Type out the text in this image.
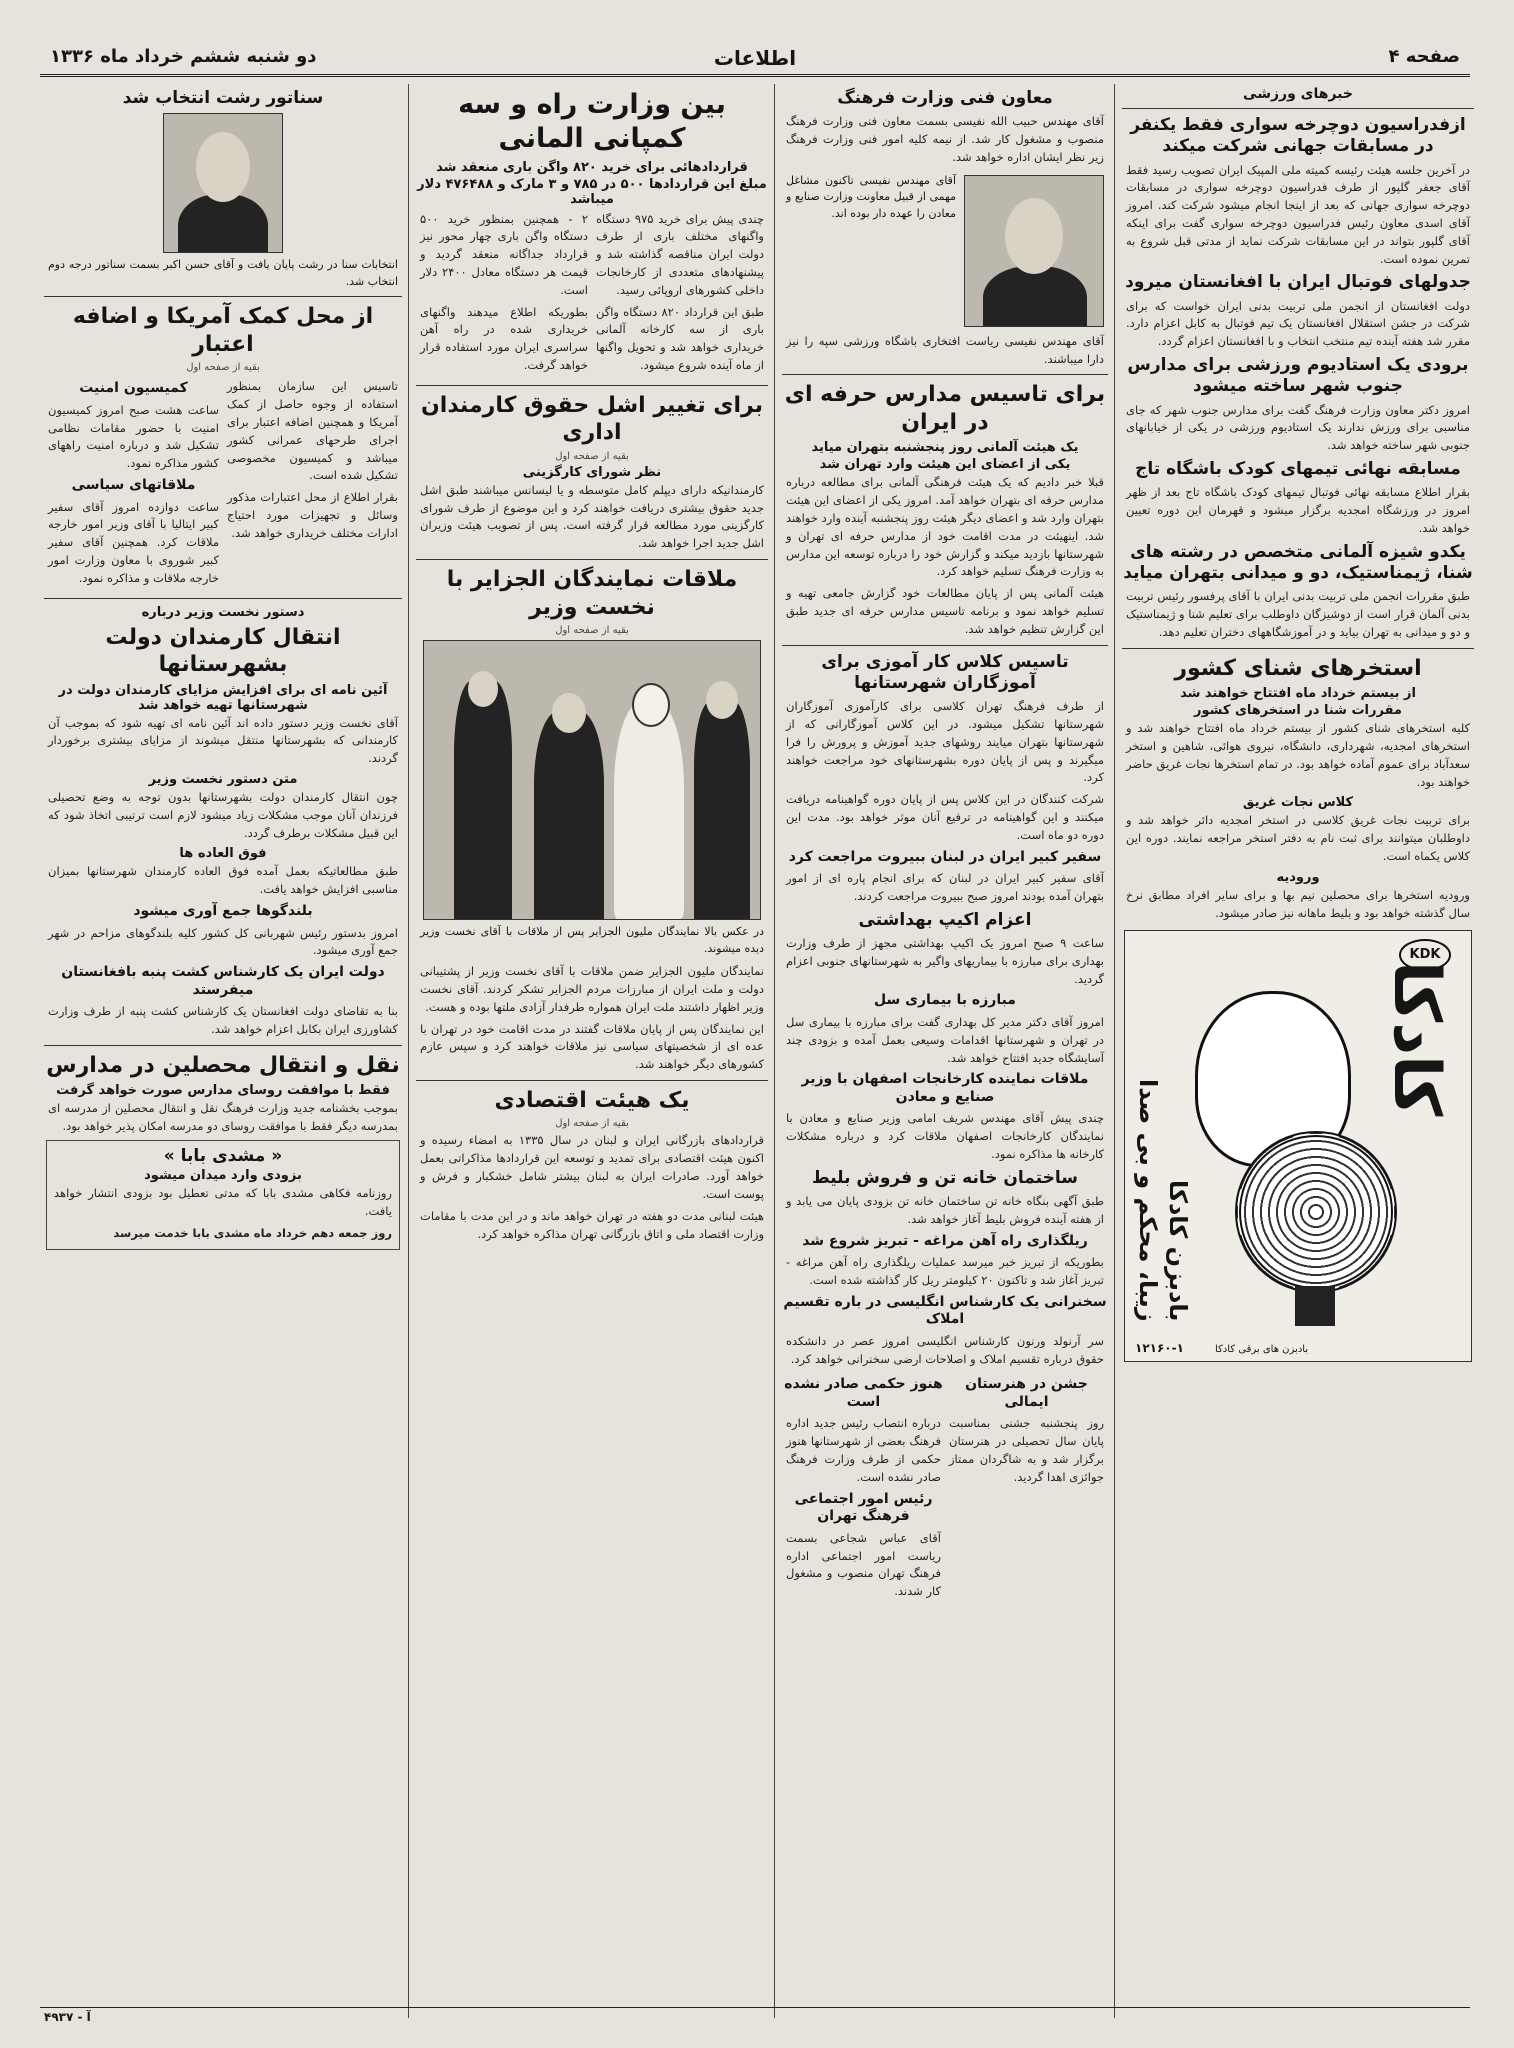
صفحه ۴
اطلاعات
دو شنبه ششم خرداد ماه ۱۳۳۶
خبرهای ورزشی
ازفدراسیون دوچرخه سواری فقط یکنفر در مسابقات جهانی شرکت میکند
در آخرین جلسه هیئت رئیسه کمیته ملی المپیک ایران تصویب رسید فقط آقای جعفر گلپور از طرف فدراسیون دوچرخه سواری در مسابقات دوچرخه سواری جهانی که بعد از اینجا انجام میشود شرکت کند. امروز آقای اسدی معاون رئیس فدراسیون دوچرخه سواری گفت برای اینکه آقای گلپور بتواند در این مسابقات شرکت نماید از مدتی قبل شروع به تمرین نموده است.
جدولهای فوتبال ایران با افغانستان میرود
دولت افغانستان از انجمن ملی تربیت بدنی ایران خواست که برای شرکت در جشن استقلال افغانستان یک تیم فوتبال به کابل اعزام دارد. مقرر شد هفته آینده تیم منتخب انتخاب و با افغانستان اعزام گردد.
برودی یک استادیوم ورزشی برای مدارس جنوب شهر ساخته میشود
امروز دکتر معاون وزارت فرهنگ گفت برای مدارس جنوب شهر که جای مناسبی برای ورزش ندارند یک استادیوم ورزشی در یکی از خیابانهای جنوبی شهر ساخته خواهد شد.
مسابقه نهائی تیمهای کودک باشگاه تاج
بقرار اطلاع مسابقه نهائی فوتبال تیمهای کودک باشگاه تاج بعد از ظهر امروز در ورزشگاه امجدیه برگزار میشود و قهرمان این دوره تعیین خواهد شد.
یکدو شیزه آلمانی متخصص در رشته های شنا، ژیمناستیک، دو و میدانی بتهران میاید
طبق مقررات انجمن ملی تربیت بدنی ایران با آقای پرفسور رئیس تربیت بدنی آلمان قرار است از دوشیزگان داوطلب برای تعلیم شنا و ژیمناستیک و دو و میدانی به تهران بیاید و در آموزشگاههای دختران تعلیم دهد.
استخرهای شنای کشور
از بیستم خرداد ماه افتتاح خواهند شد
مقررات شنا در استخرهای کشور
کلیه استخرهای شنای کشور از بیستم خرداد ماه افتتاح خواهند شد و استخرهای امجدیه، شهرداری، دانشگاه، نیروی هوائی، شاهین و استخر سعدآباد برای عموم آماده خواهد بود. در تمام استخرها نجات غریق حاضر خواهند بود.
کلاس نجات غریق
برای تربیت نجات غریق کلاسی در استخر امجدیه دائر خواهد شد و داوطلبان میتوانند برای ثبت نام به دفتر استخر مراجعه نمایند. دوره این کلاس یکماه است.
ورودیه
ورودیه استخرها برای محصلین نیم بها و برای سایر افراد مطابق نرخ سال گذشته خواهد بود و بلیط ماهانه نیز صادر میشود.
KDK
کادکا
بادبزن کادکا
زیبا، محکم و بی صدا
بادبزن های برقی کادکا
۱۲۱۶۰-۱
معاون فنی وزارت فرهنگ
آقای مهندس حبیب الله نفیسی بسمت معاون فنی وزارت فرهنگ منصوب و مشغول کار شد. از نیمه کلیه امور فنی وزارت فرهنگ زیر نظر ایشان اداره خواهد شد.
آقای مهندس نفیسی تاکنون مشاغل مهمی از قبیل معاونت وزارت صنایع و معادن را عهده دار بوده اند.
آقای مهندس نفیسی ریاست افتخاری باشگاه ورزشی سپه را نیز دارا میباشند.
برای تاسیس مدارس حرفه ای در ایران
یک هیئت آلمانی روز پنجشنبه بتهران میاید
یکی از اعضای این هیئت وارد تهران شد
قبلا خبر دادیم که یک هیئت فرهنگی آلمانی برای مطالعه درباره مدارس حرفه ای بتهران خواهد آمد. امروز یکی از اعضای این هیئت بتهران وارد شد و اعضای دیگر هیئت روز پنجشنبه آینده وارد خواهند شد. اینهیئت در مدت اقامت خود از مدارس حرفه ای تهران و شهرستانها بازدید میکند و گزارش خود را درباره توسعه این مدارس به وزارت فرهنگ تسلیم خواهد کرد.
هیئت آلمانی پس از پایان مطالعات خود گزارش جامعی تهیه و تسلیم خواهد نمود و برنامه تاسیس مدارس حرفه ای جدید طبق این گزارش تنظیم خواهد شد.
تاسیس کلاس کار آموزی برای آموزگاران شهرستانها
از طرف فرهنگ تهران کلاسی برای کارآموزی آموزگاران شهرستانها تشکیل میشود. در این کلاس آموزگارانی که از شهرستانها بتهران میایند روشهای جدید آموزش و پرورش را فرا میگیرند و پس از پایان دوره بشهرستانهای خود مراجعت خواهند کرد.
شرکت کنندگان در این کلاس پس از پایان دوره گواهینامه دریافت میکنند و این گواهینامه در ترفیع آنان موثر خواهد بود. مدت این دوره دو ماه است.
سفیر کبیر ایران در لبنان ببیروت مراجعت کرد
آقای سفیر کبیر ایران در لبنان که برای انجام پاره ای از امور بتهران آمده بودند امروز صبح ببیروت مراجعت کردند.
اعزام اکیپ بهداشتی
ساعت ۹ صبح امروز یک اکیپ بهداشتی مجهز از طرف وزارت بهداری برای مبارزه با بیماریهای واگیر به شهرستانهای جنوبی اعزام گردید.
مبارزه با بیماری سل
امروز آقای دکتر مدیر کل بهداری گفت برای مبارزه با بیماری سل در تهران و شهرستانها اقدامات وسیعی بعمل آمده و بزودی چند آسایشگاه جدید افتتاح خواهد شد.
ملاقات نماینده کارخانجات اصفهان با وزیر صنایع و معادن
چندی پیش آقای مهندس شریف امامی وزیر صنایع و معادن با نمایندگان کارخانجات اصفهان ملاقات کرد و درباره مشکلات کارخانه ها مذاکره نمود.
ساختمان خانه تن و فروش بلیط
طبق آگهی بنگاه خانه تن ساختمان خانه تن بزودی پایان می یابد و از هفته آینده فروش بلیط آغاز خواهد شد.
ریلگذاری راه آهن مراغه - تبریز شروع شد
بطوریکه از تبریز خبر میرسد عملیات ریلگذاری راه آهن مراغه - تبریز آغاز شد و تاکنون ۲۰ کیلومتر ریل کار گذاشته شده است.
سخنرانی یک کارشناس انگلیسی در باره تقسیم املاک
سر آرنولد ورنون کارشناس انگلیسی امروز عصر در دانشکده حقوق درباره تقسیم املاک و اصلاحات ارضی سخنرانی خواهد کرد.
جشن در هنرستان ایمالی
روز پنجشنبه جشنی بمناسبت پایان سال تحصیلی در هنرستان برگزار شد و به شاگردان ممتاز جوائزی اهدا گردید.
هنوز حکمی صادر نشده است
درباره انتصاب رئیس جدید اداره فرهنگ بعضی از شهرستانها هنوز حکمی از طرف وزارت فرهنگ صادر نشده است.
رئیس امور اجتماعی فرهنگ تهران
آقای عباس شجاعی بسمت ریاست امور اجتماعی اداره فرهنگ تهران منصوب و مشغول کار شدند.
بین وزارت راه و سه کمپانی المانی
قراردادهائی برای خرید ۸۲۰ واگن باری منعقد شد
مبلغ این قراردادها ۵۰۰ در ۷۸۵ و ۳ مارک و ۴۷۶۴۸۸ دلار میباشد
چندی پیش برای خرید ۹۷۵ دستگاه واگنهای مختلف باری از طرف دولت ایران مناقصه گذاشته شد و پیشنهادهای متعددی از کارخانجات داخلی کشورهای اروپائی رسید.
طبق این قرارداد ۸۲۰ دستگاه واگن باری از سه کارخانه آلمانی خریداری خواهد شد و تحویل واگنها از ماه آینده شروع میشود.
۲ - همچنین بمنظور خرید ۵۰۰ دستگاه واگن باری چهار محور نیز قرارداد جداگانه منعقد گردید و قیمت هر دستگاه معادل ۲۴۰۰ دلار است.
بطوریکه اطلاع میدهند واگنهای خریداری شده در راه آهن سراسری ایران مورد استفاده قرار خواهد گرفت.
برای تغییر اشل حقوق کارمندان اداری
بقیه از صفحه اول
نظر شورای کارگزینی
کارمندانیکه دارای دیپلم کامل متوسطه و یا لیسانس میباشند طبق اشل جدید حقوق بیشتری دریافت خواهند کرد و این موضوع از طرف شورای کارگزینی مورد مطالعه قرار گرفته است. پس از تصویب هیئت وزیران اشل جدید اجرا خواهد شد.
ملاقات نمایندگان الجزایر با نخست وزیر
بقیه از صفحه اول
در عکس بالا نمایندگان ملیون الجزایر پس از ملاقات با آقای نخست وزیر دیده میشوند.
نمایندگان ملیون الجزایر ضمن ملاقات با آقای نخست وزیر از پشتیبانی دولت و ملت ایران از مبارزات مردم الجزایر تشکر کردند. آقای نخست وزیر اظهار داشتند ملت ایران همواره طرفدار آزادی ملتها بوده و هست.
این نمایندگان پس از پایان ملاقات گفتند در مدت اقامت خود در تهران با عده ای از شخصیتهای سیاسی نیز ملاقات خواهند کرد و سپس عازم کشورهای دیگر خواهند شد.
یک هیئت اقتصادی
بقیه از صفحه اول
قراردادهای بازرگانی ایران و لبنان در سال ۱۳۳۵ به امضاء رسیده و اکنون هیئت اقتصادی برای تمدید و توسعه این قراردادها مذاکراتی بعمل خواهد آورد. صادرات ایران به لبنان بیشتر شامل خشکبار و فرش و پوست است.
هیئت لبنانی مدت دو هفته در تهران خواهد ماند و در این مدت با مقامات وزارت اقتصاد ملی و اتاق بازرگانی تهران مذاکره خواهد کرد.
سناتور رشت انتخاب شد
انتخابات سنا در رشت پایان یافت و آقای حسن اکبر بسمت سناتور درجه دوم انتخاب شد.
از محل کمک آمریکا و اضافه اعتبار
بقیه از صفحه اول
تاسیس این سازمان بمنظور استفاده از وجوه حاصل از کمک آمریکا و همچنین اضافه اعتبار برای اجرای طرحهای عمرانی کشور میباشد و کمیسیون مخصوصی تشکیل شده است.
بقرار اطلاع از محل اعتبارات مذکور وسائل و تجهیزات مورد احتیاج ادارات مختلف خریداری خواهد شد.
کمیسیون امنیت
ساعت هشت صبح امروز کمیسیون امنیت با حضور مقامات نظامی تشکیل شد و درباره امنیت راههای کشور مذاکره نمود.
ملاقاتهای سیاسی
ساعت دوازده امروز آقای سفیر کبیر ایتالیا با آقای وزیر امور خارجه ملاقات کرد. همچنین آقای سفیر کبیر شوروی با معاون وزارت امور خارجه ملاقات و مذاکره نمود.
دستور نخست وزیر درباره
انتقال کارمندان دولت بشهرستانها
آئین نامه ای برای افزایش مزایای کارمندان دولت در شهرستانها تهیه خواهد شد
آقای نخست وزیر دستور داده اند آئین نامه ای تهیه شود که بموجب آن کارمندانی که بشهرستانها منتقل میشوند از مزایای بیشتری برخوردار گردند.
متن دستور نخست وزیر
چون انتقال کارمندان دولت بشهرستانها بدون توجه به وضع تحصیلی فرزندان آنان موجب مشکلات زیاد میشود لازم است ترتیبی اتخاذ شود که این قبیل مشکلات برطرف گردد.
فوق العاده ها
طبق مطالعاتیکه بعمل آمده فوق العاده کارمندان شهرستانها بمیزان مناسبی افزایش خواهد یافت.
بلندگوها جمع آوری میشود
امروز بدستور رئیس شهربانی کل کشور کلیه بلندگوهای مزاحم در شهر جمع آوری میشود.
دولت ایران یک کارشناس کشت پنبه بافغانستان میفرستد
بنا به تقاضای دولت افغانستان یک کارشناس کشت پنبه از طرف وزارت کشاورزی ایران بکابل اعزام خواهد شد.
نقل و انتقال محصلین در مدارس
فقط با موافقت روسای مدارس صورت خواهد گرفت
بموجب بخشنامه جدید وزارت فرهنگ نقل و انتقال محصلین از مدرسه ای بمدرسه دیگر فقط با موافقت روسای دو مدرسه امکان پذیر خواهد بود.
« مشدی بابا »
بزودی وارد میدان میشود
روزنامه فکاهی مشدی بابا که مدتی تعطیل بود بزودی انتشار خواهد یافت.
روز جمعه دهم خرداد ماه مشدی بابا خدمت میرسد
۴۹۳۷ - آ
